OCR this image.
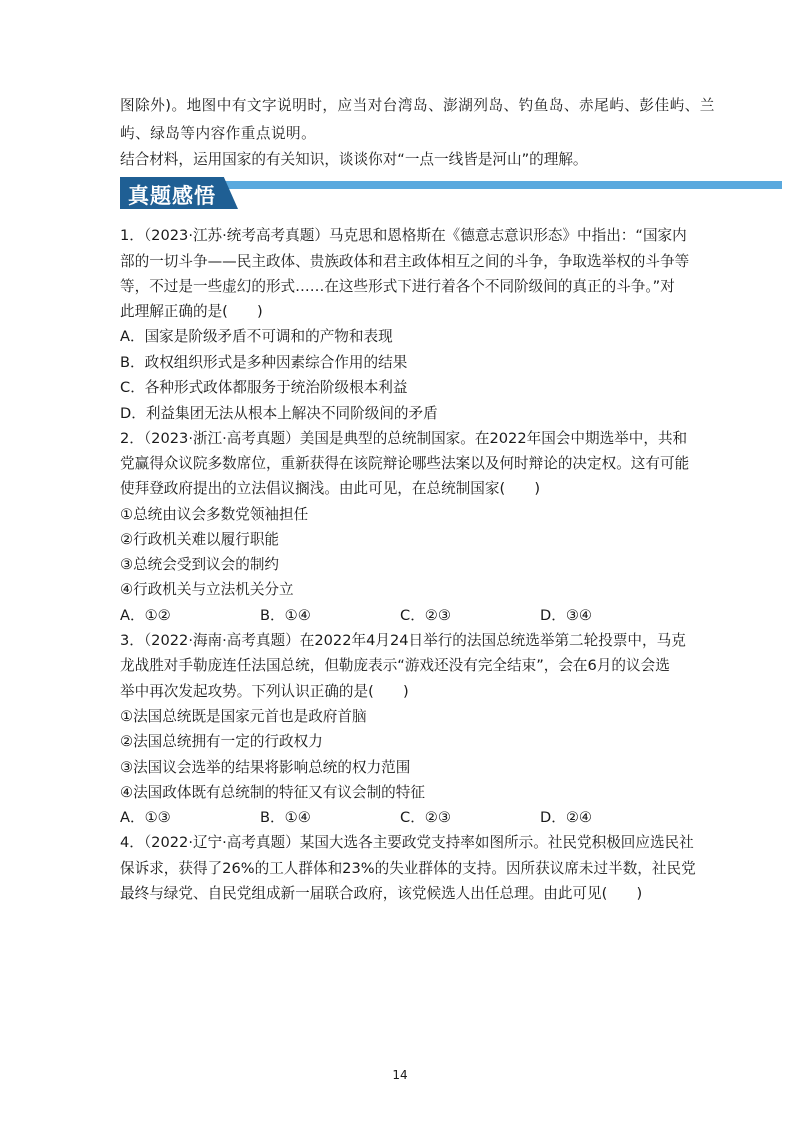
图除外)。地图中有文字说明时，应当对台湾岛、澎湖列岛、钓鱼岛、赤尾屿、彭佳屿、兰
屿、绿岛等内容作重点说明。
结合材料，运用国家的有关知识，谈谈你对“一点一线皆是河山”的理解。
真题感悟
1．（2023·江苏·统考高考真题）马克思和恩格斯在《德意志意识形态》中指出：“国家内
部的一切斗争——民主政体、贵族政体和君主政体相互之间的斗争，争取选举权的斗争等
等，不过是一些虚幻的形式……在这些形式下进行着各个不同阶级间的真正的斗争。”对
此理解正确的是(　　)
A．国家是阶级矛盾不可调和的产物和表现
B．政权组织形式是多种因素综合作用的结果
C．各种形式政体都服务于统治阶级根本利益
D．利益集团无法从根本上解决不同阶级间的矛盾
2．（2023·浙江·高考真题）美国是典型的总统制国家。在2022年国会中期选举中，共和
党赢得众议院多数席位，重新获得在该院辩论哪些法案以及何时辩论的决定权。这有可能
使拜登政府提出的立法倡议搁浅。由此可见，在总统制国家(　　)
①总统由议会多数党领袖担任
②行政机关难以履行职能
③总统会受到议会的制约
④行政机关与立法机关分立
A．①②	B．①④	C．②③	D．③④
3．（2022·海南·高考真题）在2022年4月24日举行的法国总统选举第二轮投票中，马克
龙战胜对手勒庞连任法国总统，但勒庞表示“游戏还没有完全结束”，会在6月的议会选
举中再次发起攻势。下列认识正确的是(　　)
①法国总统既是国家元首也是政府首脑
②法国总统拥有一定的行政权力
③法国议会选举的结果将影响总统的权力范围
④法国政体既有总统制的特征又有议会制的特征
A．①③	B．①④	C．②③	D．②④
4．（2022·辽宁·高考真题）某国大选各主要政党支持率如图所示。社民党积极回应选民社
保诉求，获得了26%的工人群体和23%的失业群体的支持。因所获议席未过半数，社民党
最终与绿党、自民党组成新一届联合政府，该党候选人出任总理。由此可见(　　)
14
